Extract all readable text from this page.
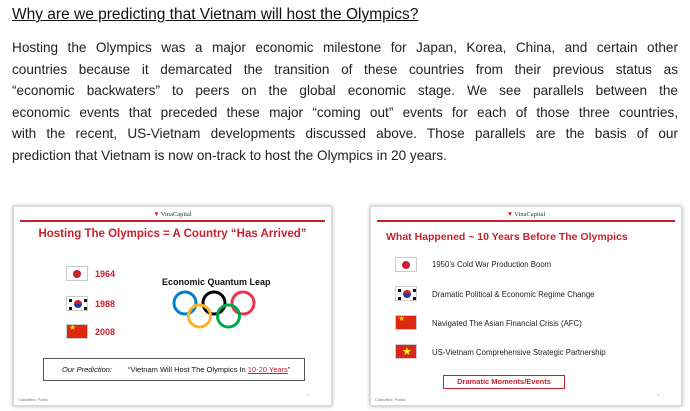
Why are we predicting that Vietnam will host the Olympics?
Hosting the Olympics was a major economic milestone for Japan, Korea, China, and certain other
countries because it demarcated the transition of these countries from their previous status as
“economic backwaters” to peers on the global economic stage. We see parallels between the
economic events that preceded these major “coming out” events for each of those three countries,
with the recent, US-Vietnam developments discussed above. Those parallels are the basis of our
prediction that Vietnam is now on-track to host the Olympics in 20 years.
▼VinaCapital
Hosting The Olympics = A Country “Has Arrived”
1964
1988
★
2008
Economic Quantum Leap
Our Prediction: “Vietnam Will Host The Olympics In 10-20 Years”
Classified: Public
2
▼VinaCapital
What Happened ~ 10 Years Before The Olympics
1950’s Cold War Production Boom
Dramatic Political & Economic Regime Change
★
Navigated The Asian Financial Crisis (AFC)
★
US-Vietnam Comprehensive Strategic Partnership
Dramatic Moments/Events
Classified: Public
3
